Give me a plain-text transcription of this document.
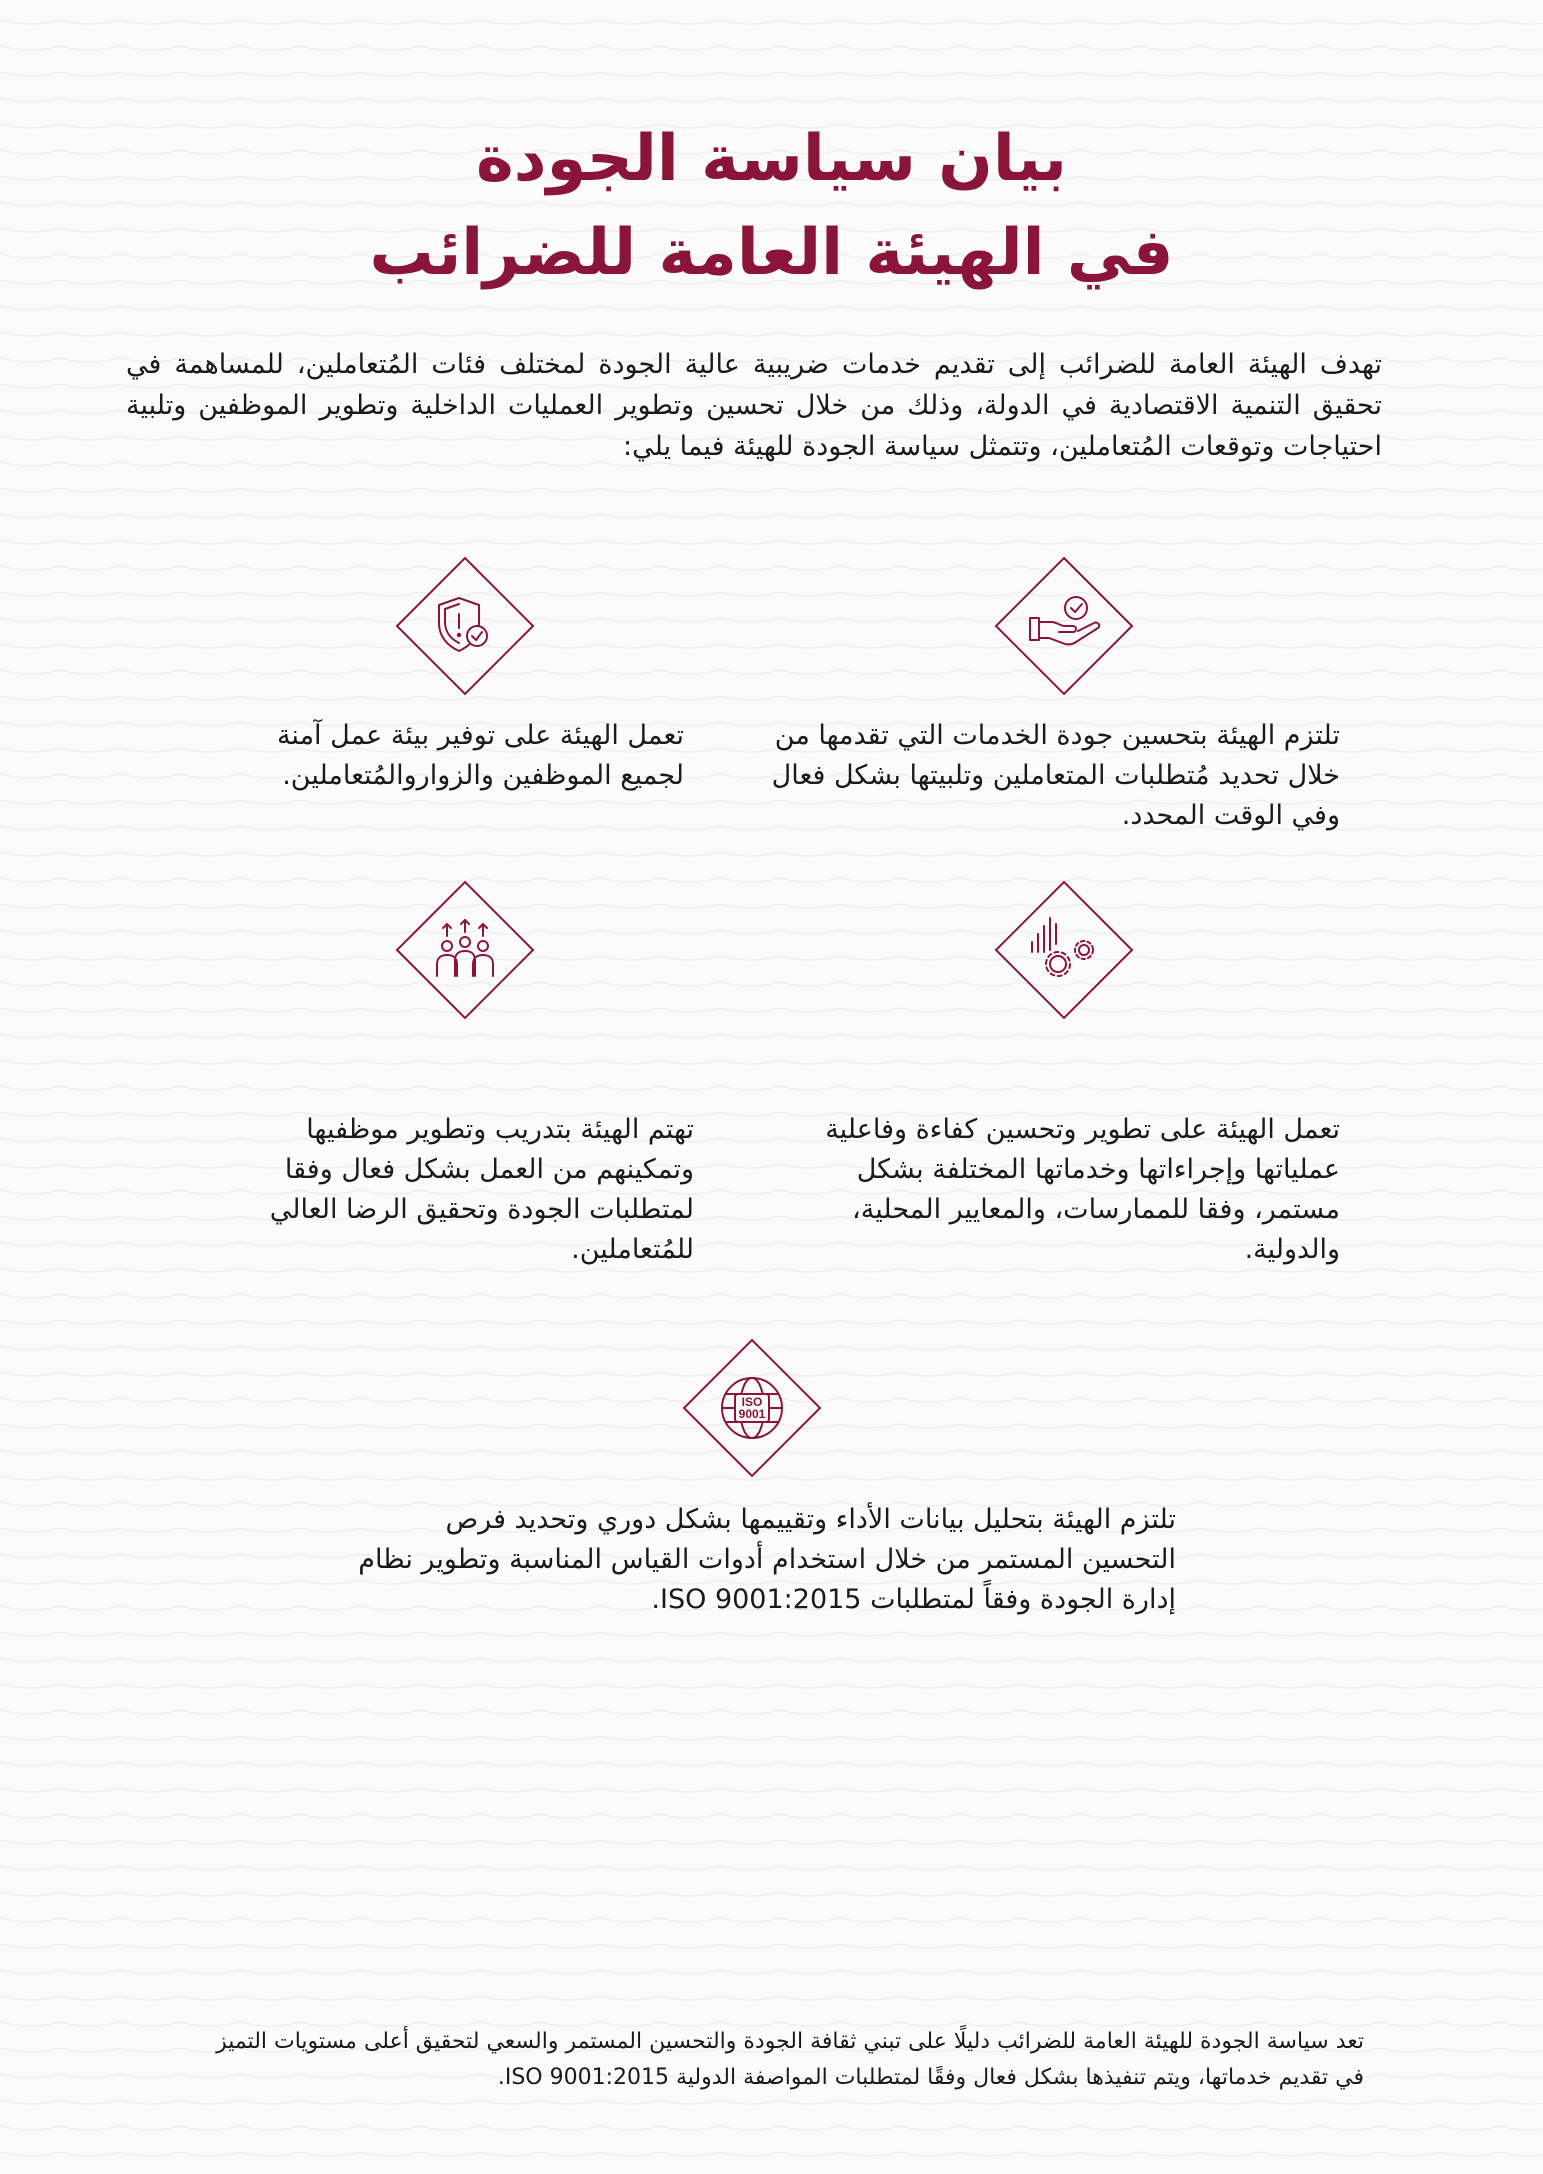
بيان سياسة الجودة
في الهيئة العامة للضرائب

تهدف الهيئة العامة للضرائب إلى تقديم خدمات ضريبية عالية الجودة لمختلف فئات المُتعاملين، للمساهمة في تحقيق التنمية الاقتصادية في الدولة، وذلك من خلال تحسين وتطوير العمليات الداخلية وتطوير الموظفين وتلبية احتياجات وتوقعات المُتعاملين، وتتمثل سياسة الجودة للهيئة فيما يلي:

تلتزم الهيئة بتحسين جودة الخدمات التي تقدمها من خلال تحديد مُتطلبات المتعاملين وتلبيتها بشكل فعال وفي الوقت المحدد.

تعمل الهيئة على توفير بيئة عمل آمنة لجميع الموظفين والزواروالمُتعاملين.

تعمل الهيئة على تطوير وتحسين كفاءة وفاعلية عملياتها وإجراءاتها وخدماتها المختلفة بشكل مستمر، وفقا للممارسات، والمعايير المحلية، والدولية.

تهتم الهيئة بتدريب وتطوير موظفيها وتمكينهم من العمل بشكل فعال وفقا لمتطلبات الجودة وتحقيق الرضا العالي للمُتعاملين.

ISO
9001

تلتزم الهيئة بتحليل بيانات الأداء وتقييمها بشكل دوري وتحديد فرص التحسين المستمر من خلال استخدام أدوات القياس المناسبة وتطوير نظام إدارة الجودة وفقاً لمتطلبات ISO 9001:2015.

تعد سياسة الجودة للهيئة العامة للضرائب دليلًا على تبني ثقافة الجودة والتحسين المستمر والسعي لتحقيق أعلى مستويات التميز في تقديم خدماتها، ويتم تنفيذها بشكل فعال وفقًا لمتطلبات المواصفة الدولية ISO 9001:2015.
